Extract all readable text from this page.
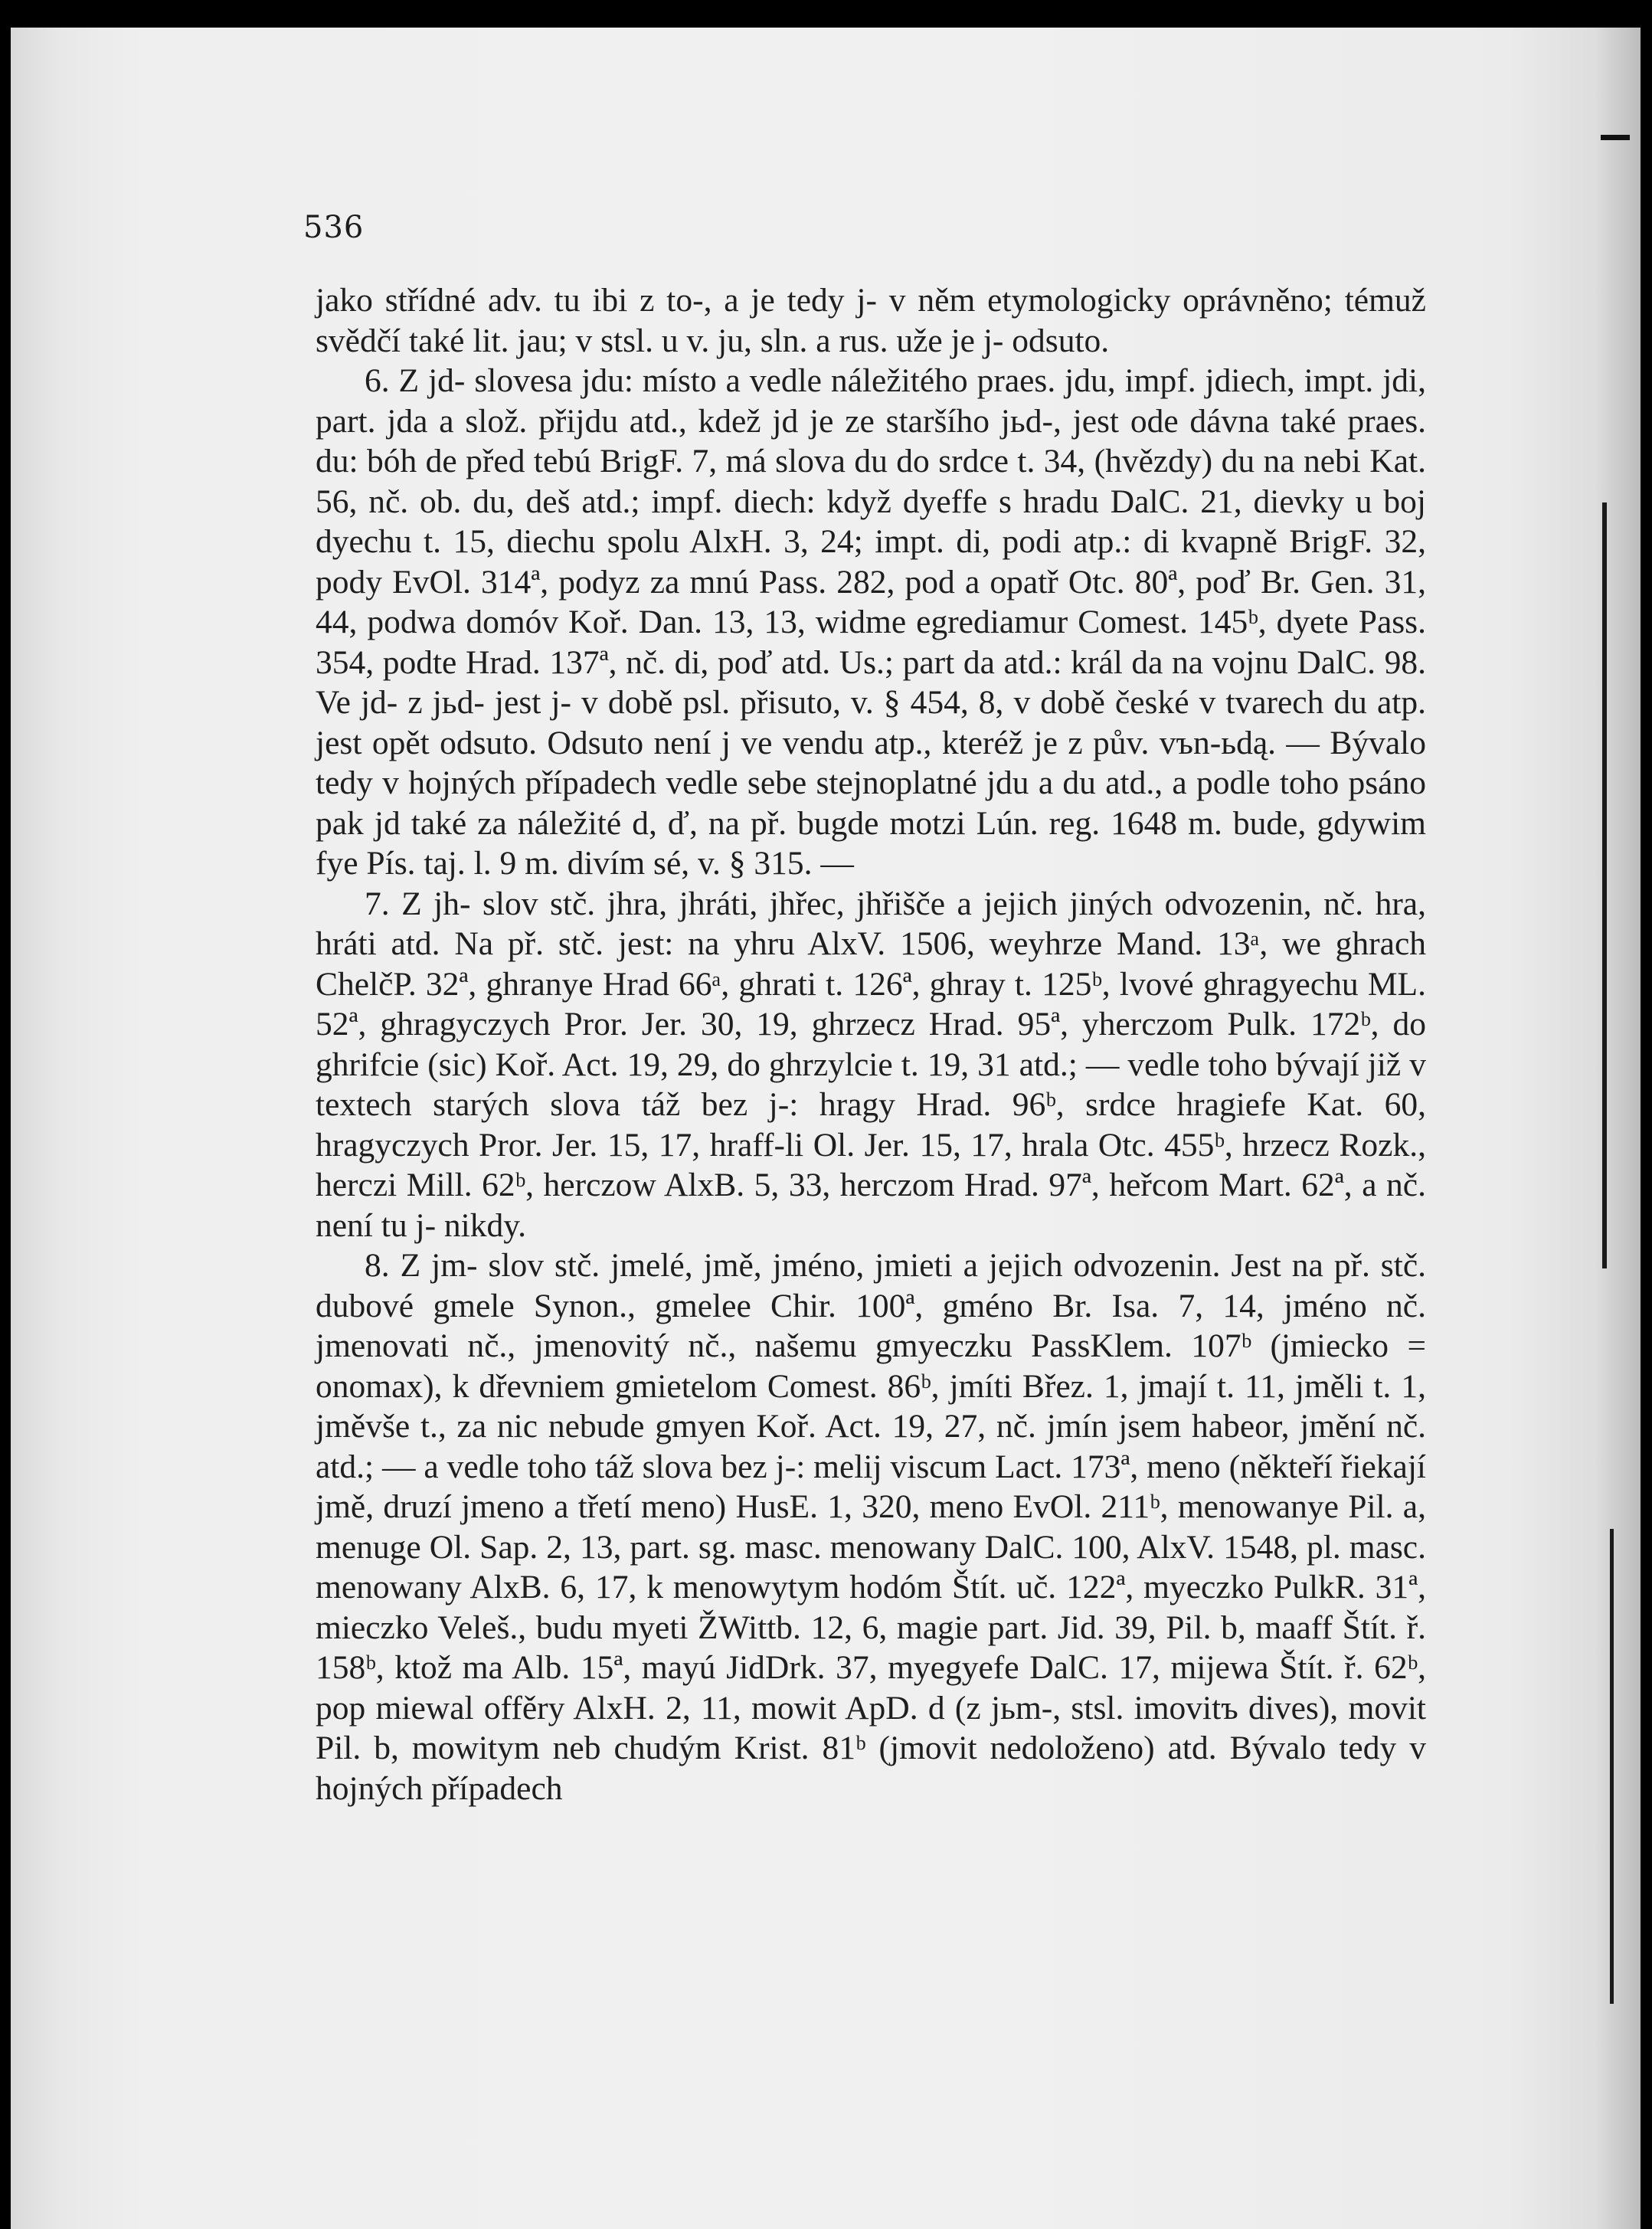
536

jako střídné adv. tu ibi z to-, a je tedy j- v něm etymologicky oprávněno; témuž svědčí také lit. jau; v stsl. u v. ju, sln. a rus. uže je j- odsuto.

6. Z jd- slovesa jdu: místo a vedle náležitého praes. jdu, impf. jdiech, impt. jdi, part. jda a slož. přijdu atd., kdež jd je ze staršího jьd-, jest ode dávna také praes. du: bóh de před tebú BrigF. 7, má slova du do srdce t. 34, (hvězdy) du na nebi Kat. 56, nč. ob. du, deš atd.; impf. diech: když dyeffe s hradu DalC. 21, dievky u boj dyechu t. 15, diechu spolu AlxH. 3, 24; impt. di, podi atp.: di kvapně BrigF. 32, pody EvOl. 314ª, podyz za mnú Pass. 282, pod a opatř Otc. 80ª, poď Br. Gen. 31, 44, podwa domóv Koř. Dan. 13, 13, widme egrediamur Comest. 145ᵇ, dyete Pass. 354, podte Hrad. 137ª, nč. di, poď atd. Us.; part da atd.: král da na vojnu DalC. 98. Ve jd- z jьd- jest j- v době psl. přisuto, v. § 454, 8, v době české v tvarech du atp. jest opět odsuto. Odsuto není j ve vendu atp., kteréž je z pův. vъn-ьdą. — Bývalo tedy v hojných případech vedle sebe stejnoplatné jdu a du atd., a podle toho psáno pak jd také za náležité d, ď, na př. bugde motzi Lún. reg. 1648 m. bude, gdywim fye Pís. taj. l. 9 m. divím sé, v. § 315. —

7. Z jh- slov stč. jhra, jhráti, jhřec, jhřišče a jejich jiných odvozenin, nč. hra, hráti atd. Na př. stč. jest: na yhru AlxV. 1506, weyhrze Mand. 13ᵃ, we ghrach ChelčP. 32ª, ghranye Hrad 66ᵃ, ghrati t. 126ª, ghray t. 125ᵇ, lvové ghragyechu ML. 52ª, ghragyczych Pror. Jer. 30, 19, ghrzecz Hrad. 95ª, yherczom Pulk. 172ᵇ, do ghrifcie (sic) Koř. Act. 19, 29, do ghrzylcie t. 19, 31 atd.; — vedle toho bývají již v textech starých slova táž bez j-: hragy Hrad. 96ᵇ, srdce hragiefe Kat. 60, hragyczych Pror. Jer. 15, 17, hraff-li Ol. Jer. 15, 17, hrala Otc. 455ᵇ, hrzecz Rozk., herczi Mill. 62ᵇ, herczow AlxB. 5, 33, herczom Hrad. 97ª, hеřcom Mart. 62ª, a nč. není tu j- nikdy.

8. Z jm- slov stč. jmelé, jmě, jméno, jmieti a jejich odvozenin. Jest na př. stč. dubové gmele Synon., gmelee Chir. 100ª, gméno Br. Isa. 7, 14, jméno nč. jmenovati nč., jmenovitý nč., našemu gmyeczku PassKlem. 107ᵇ (jmiecko = onomax), k dřevniem gmietelom Comest. 86ᵇ, jmíti Břez. 1, jmají t. 11, jměli t. 1, jměvše t., za nic nebude gmyen Koř. Act. 19, 27, nč. jmín jsem habeor, jmění nč. atd.; — a vedle toho táž slova bez j-: melij viscum Lact. 173ª, meno (někteří řiekají jmě, druzí jmeno a třetí meno) HusE. 1, 320, meno EvOl. 211ᵇ, menowanye Pil. a, menuge Ol. Sap. 2, 13, part. sg. masc. menowany DalC. 100, AlxV. 1548, pl. masc. menowany AlxB. 6, 17, k menowytym hodóm Štít. uč. 122ª, myeczko PulkR. 31ª, mieczko Veleš., budu myeti ŽWittb. 12, 6, magie part. Jid. 39, Pil. b, maaff Štít. ř. 158ᵇ, ktož ma Alb. 15ª, mayú JidDrk. 37, myegyefe DalC. 17, mijewa Štít. ř. 62ᵇ, pop miewal offěry AlxH. 2, 11, mowit ApD. d (z jьm-, stsl. imovitъ dives), movit Pil. b, mowitym neb chudým Krist. 81ᵇ (jmovit nedoloženo) atd. Bývalo tedy v hojných případech
